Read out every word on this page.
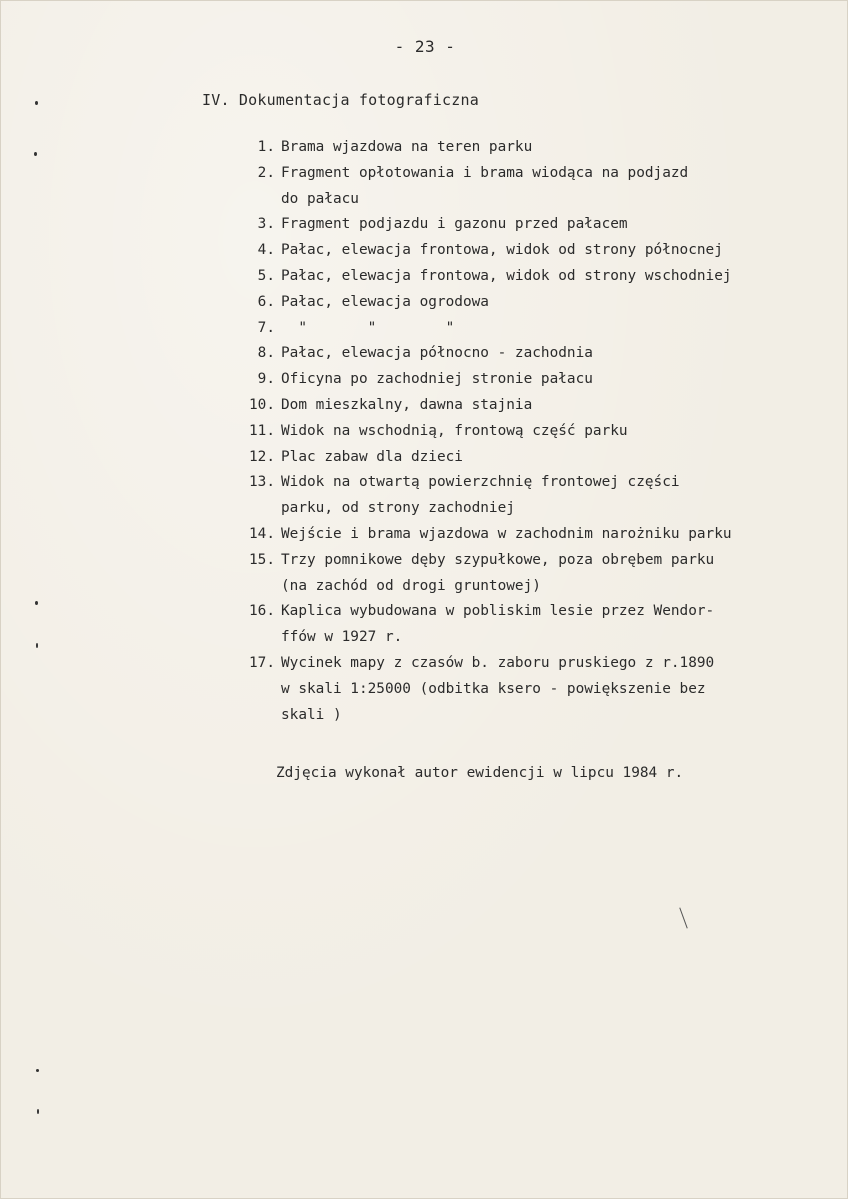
- 23 -
IV. Dokumentacja fotograficzna
1. Brama wjazdowa na teren parku
2. Fragment opłotowania i brama wiodąca na podjazd
do pałacu
3. Fragment podjazdu i gazonu przed pałacem
4. Pałac, elewacja frontowa, widok od strony północnej
5. Pałac, elewacja frontowa, widok od strony wschodniej
6. Pałac, elewacja ogrodowa
7. "       "        "
8. Pałac, elewacja północno - zachodnia
9. Oficyna po zachodniej stronie pałacu
10. Dom mieszkalny, dawna stajnia
11. Widok na wschodnią, frontową część parku
12. Plac zabaw dla dzieci
13. Widok na otwartą powierzchnię frontowej części
parku, od strony zachodniej
14. Wejście i brama wjazdowa w zachodnim narożniku parku
15. Trzy pomnikowe dęby szypułkowe, poza obrębem parku
(na zachód od drogi gruntowej)
16. Kaplica wybudowana w pobliskim lesie przez Wendor-
ffów w 1927 r.
17. Wycinek mapy z czasów b. zaboru pruskiego z r.1890
w skali 1:25000 (odbitka ksero - powiększenie bez
skali )
Zdjęcia wykonał autor ewidencji w lipcu 1984 r.
